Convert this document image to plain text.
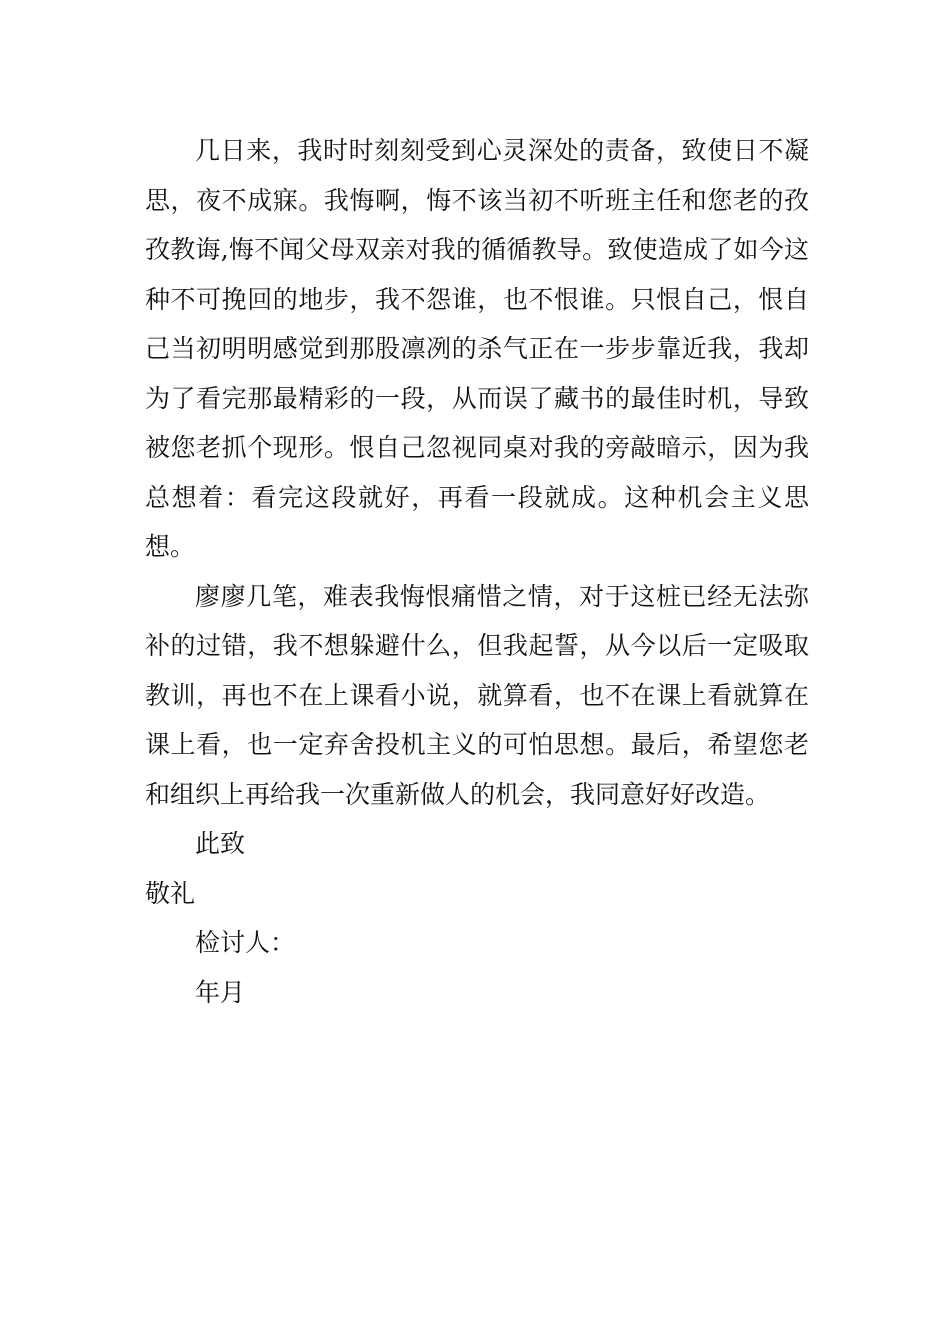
几日来，我时时刻刻受到心灵深处的责备，致使日不凝思，夜不成寐。我悔啊，悔不该当初不听班主任和您老的孜孜教诲,悔不闻父母双亲对我的循循教导。致使造成了如今这种不可挽回的地步，我不怨谁，也不恨谁。只恨自己，恨自己当初明明感觉到那股凛冽的杀气正在一步步靠近我，我却为了看完那最精彩的一段，从而误了藏书的最佳时机，导致被您老抓个现形。恨自己忽视同桌对我的旁敲暗示，因为我总想着：看完这段就好，再看一段就成。这种机会主义思想。

廖廖几笔，难表我悔恨痛惜之情，对于这桩已经无法弥补的过错，我不想躲避什么，但我起誓，从今以后一定吸取教训，再也不在上课看小说，就算看，也不在课上看就算在课上看，也一定弃舍投机主义的可怕思想。最后，希望您老和组织上再给我一次重新做人的机会，我同意好好改造。

此致

敬礼

检讨人：

年月
